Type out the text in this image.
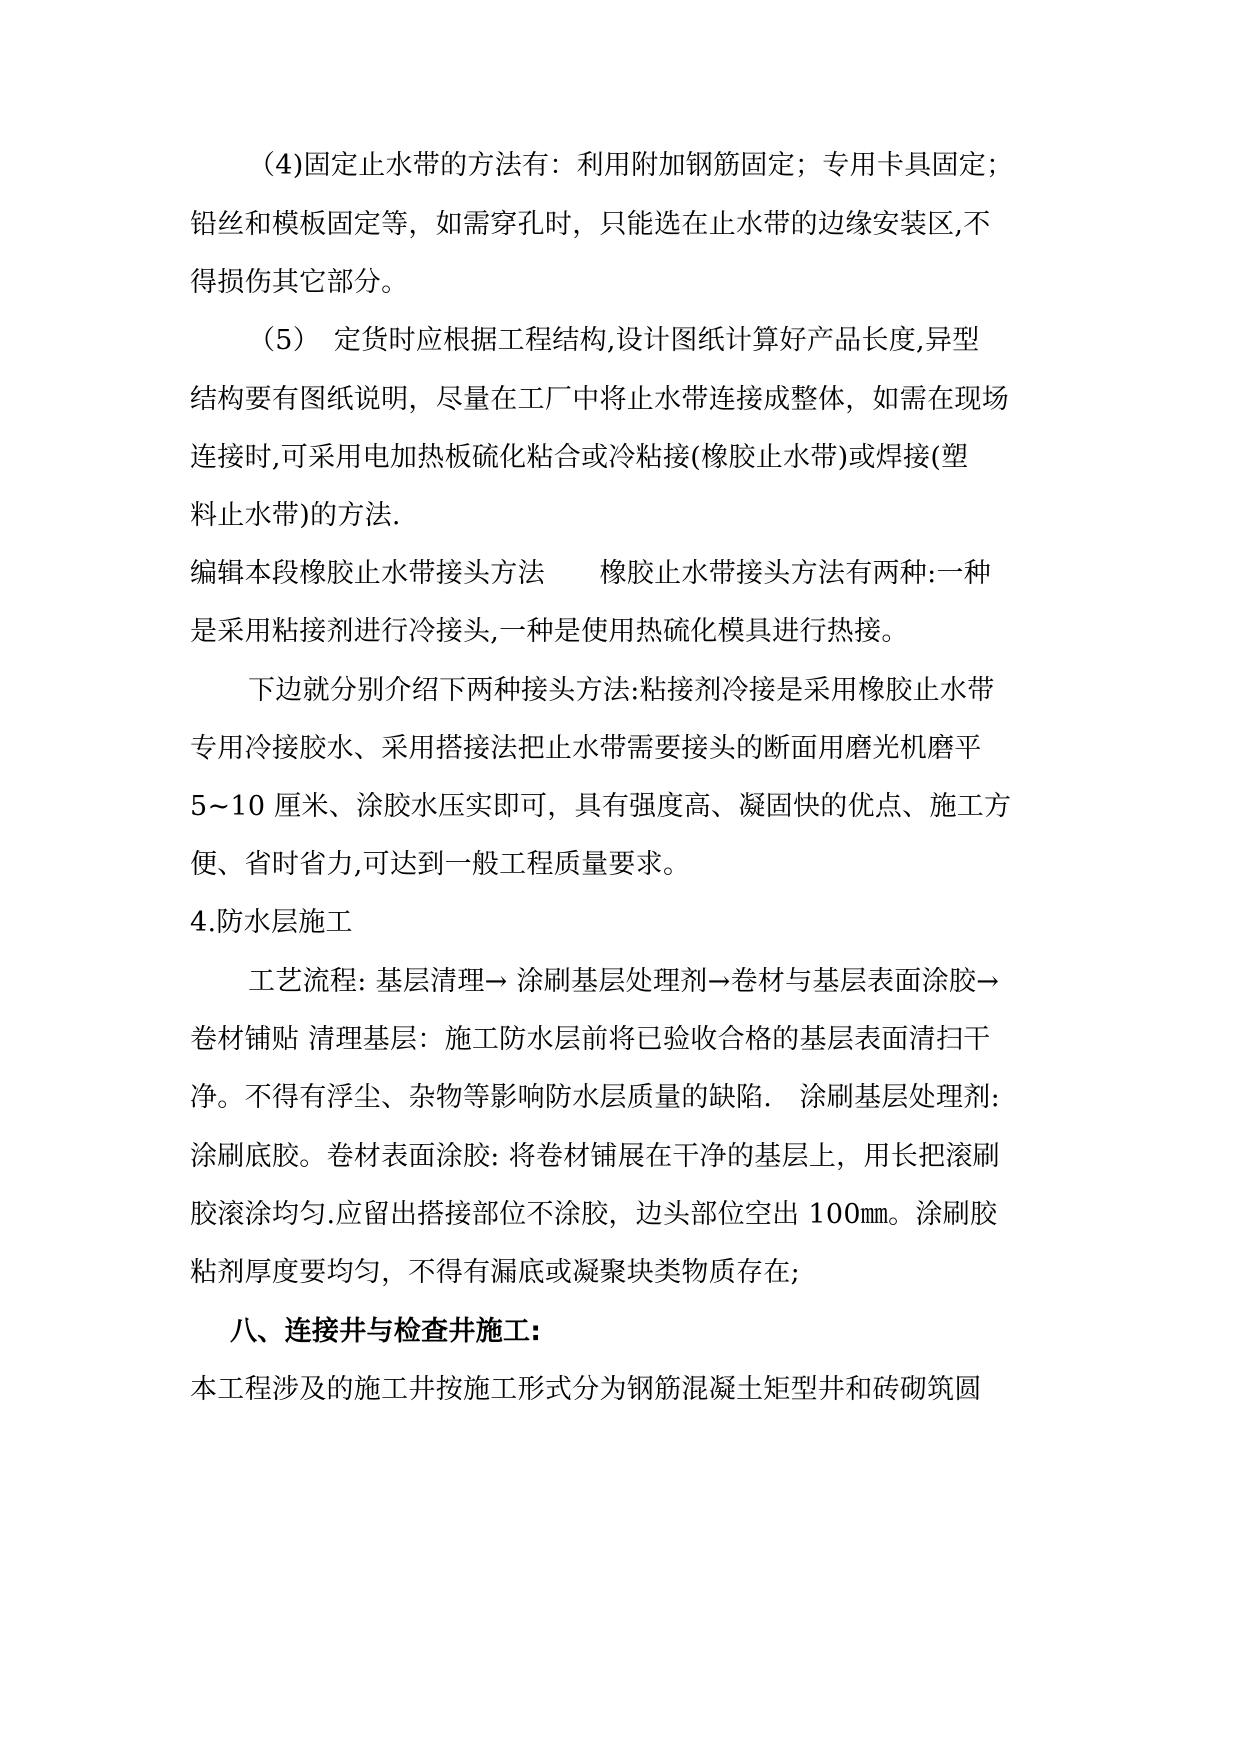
（4)固定止水带的方法有：利用附加钢筋固定；专用卡具固定；
铅丝和模板固定等，如需穿孔时，只能选在止水带的边缘安装区,不
得损伤其它部分。
（5）　定货时应根据工程结构,设计图纸计算好产品长度,异型
结构要有图纸说明，尽量在工厂中将止水带连接成整体，如需在现场
连接时,可采用电加热板硫化粘合或冷粘接(橡胶止水带)或焊接(塑
料止水带)的方法.
编辑本段橡胶止水带接头方法　　橡胶止水带接头方法有两种:一种
是采用粘接剂进行冷接头,一种是使用热硫化模具进行热接。
下边就分别介绍下两种接头方法:粘接剂冷接是采用橡胶止水带
专用冷接胶水、采用搭接法把止水带需要接头的断面用磨光机磨平
5~10 厘米、涂胶水压实即可，具有强度高、凝固快的优点、施工方
便、省时省力,可达到一般工程质量要求。
4.防水层施工
工艺流程: 基层清理→ 涂刷基层处理剂→卷材与基层表面涂胶→
卷材铺贴 清理基层：施工防水层前将已验收合格的基层表面清扫干
净。不得有浮尘、杂物等影响防水层质量的缺陷.　涂刷基层处理剂:
涂刷底胶。卷材表面涂胶: 将卷材铺展在干净的基层上，用长把滚刷
胶滚涂均匀.应留出搭接部位不涂胶，边头部位空出 100㎜。涂刷胶
粘剂厚度要均匀，不得有漏底或凝聚块类物质存在;
八、连接井与检查井施工:
本工程涉及的施工井按施工形式分为钢筋混凝土矩型井和砖砌筑圆
